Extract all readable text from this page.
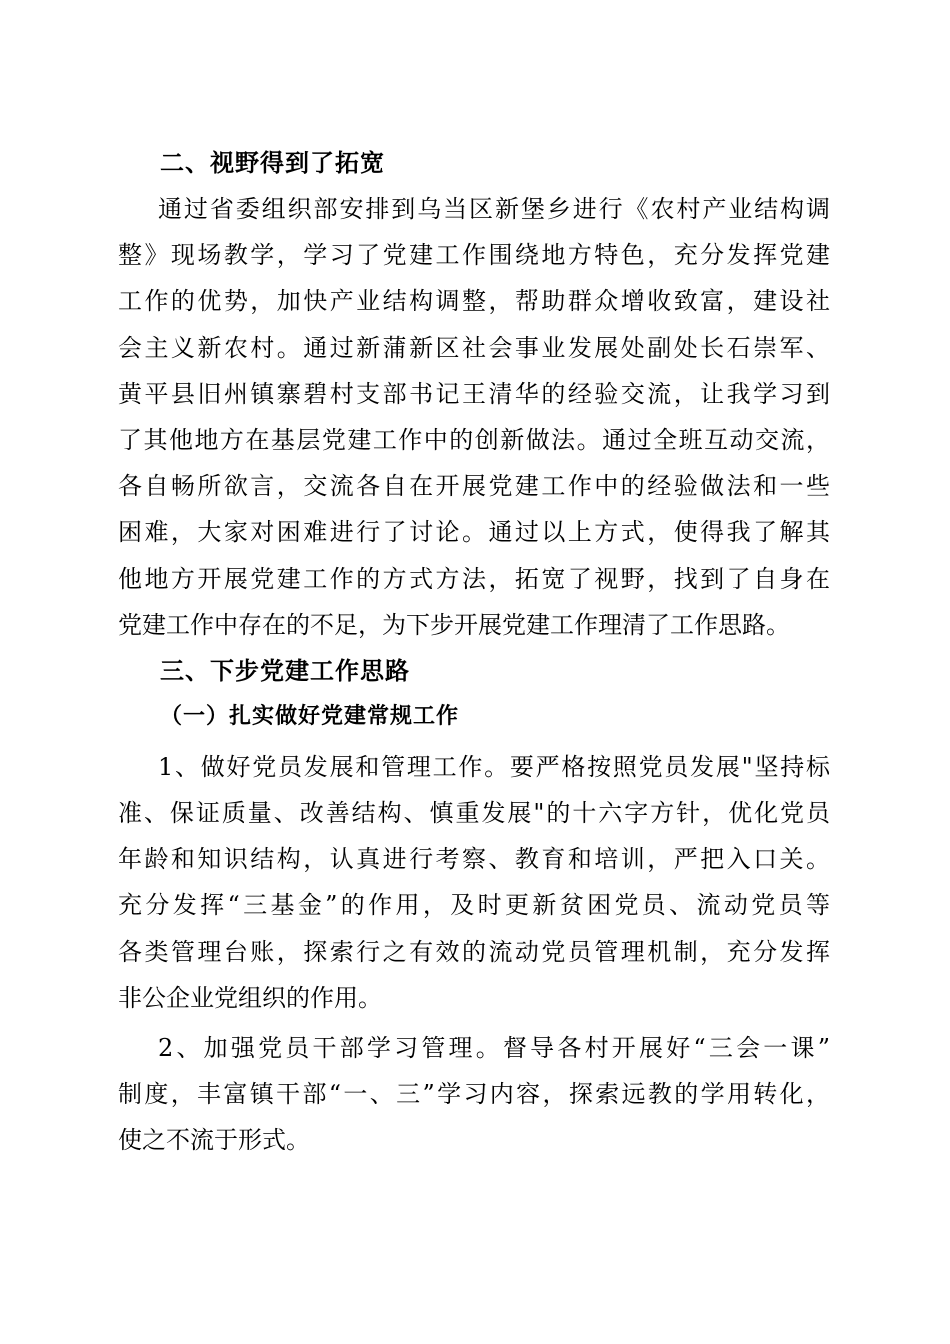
二、视野得到了拓宽
通过省委组织部安排到乌当区新堡乡进行《农村产业结构调
整》现场教学，学习了党建工作围绕地方特色，充分发挥党建
工作的优势，加快产业结构调整，帮助群众增收致富，建设社
会主义新农村。通过新蒲新区社会事业发展处副处长石崇军、
黄平县旧州镇寨碧村支部书记王清华的经验交流，让我学习到
了其他地方在基层党建工作中的创新做法。通过全班互动交流，
各自畅所欲言，交流各自在开展党建工作中的经验做法和一些
困难，大家对困难进行了讨论。通过以上方式，使得我了解其
他地方开展党建工作的方式方法，拓宽了视野，找到了自身在
党建工作中存在的不足，为下步开展党建工作理清了工作思路。
三、下步党建工作思路
（一）扎实做好党建常规工作
1、做好党员发展和管理工作。要严格按照党员发展"坚持标
准、保证质量、改善结构、慎重发展"的十六字方针，优化党员
年龄和知识结构，认真进行考察、教育和培训，严把入口关。
充分发挥“三基金”的作用，及时更新贫困党员、流动党员等
各类管理台账，探索行之有效的流动党员管理机制，充分发挥
非公企业党组织的作用。
2、加强党员干部学习管理。督导各村开展好“三会一课”
制度，丰富镇干部“一、三”学习内容，探索远教的学用转化，
使之不流于形式。
